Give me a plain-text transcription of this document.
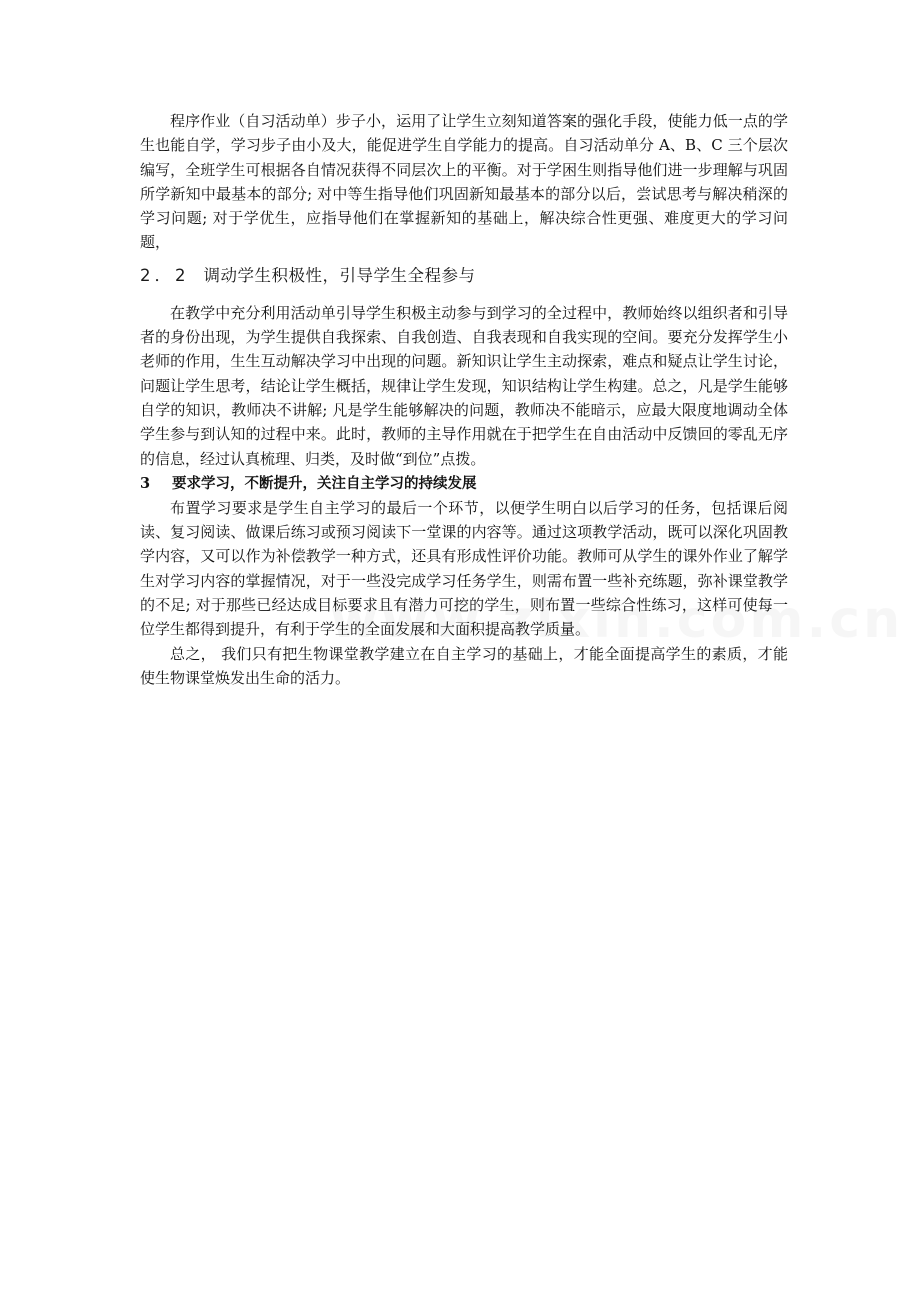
程序作业（自习活动单）步子小，运用了让学生立刻知道答案的强化手段，使能力低一点的学生也能自学，学习步子由小及大，能促进学生自学能力的提高。自习活动单分 A、B、C 三个层次编写，全班学生可根据各自情况获得不同层次上的平衡。对于学困生则指导他们进一步理解与巩固所学新知中最基本的部分; 对中等生指导他们巩固新知最基本的部分以后，尝试思考与解决稍深的学习问题; 对于学优生，应指导他们在掌握新知的基础上，解决综合性更强、难度更大的学习问题，

2．2 调动学生积极性，引导学生全程参与

在教学中充分利用活动单引导学生积极主动参与到学习的全过程中，教师始终以组织者和引导者的身份出现，为学生提供自我探索、自我创造、自我表现和自我实现的空间。要充分发挥学生小老师的作用，生生互动解决学习中出现的问题。新知识让学生主动探索，难点和疑点让学生讨论，问题让学生思考，结论让学生概括，规律让学生发现，知识结构让学生构建。总之，凡是学生能够自学的知识，教师决不讲解; 凡是学生能够解决的问题，教师决不能暗示，应最大限度地调动全体学生参与到认知的过程中来。此时，教师的主导作用就在于把学生在自由活动中反馈回的零乱无序的信息，经过认真梳理、归类，及时做“到位”点拨。

3 要求学习，不断提升，关注自主学习的持续发展

布置学习要求是学生自主学习的最后一个环节，以便学生明白以后学习的任务，包括课后阅读、复习阅读、做课后练习或预习阅读下一堂课的内容等。通过这项教学活动，既可以深化巩固教学内容，又可以作为补偿教学一种方式，还具有形成性评价功能。教师可从学生的课外作业了解学生对学习内容的掌握情况，对于一些没完成学习任务学生，则需布置一些补充练题，弥补课堂教学的不足; 对于那些已经达成目标要求且有潜力可挖的学生，则布置一些综合性练习，这样可使每一位学生都得到提升，有利于学生的全面发展和大面积提高教学质量。

总之， 我们只有把生物课堂教学建立在自主学习的基础上，才能全面提高学生的素质，才能使生物课堂焕发出生命的活力。
